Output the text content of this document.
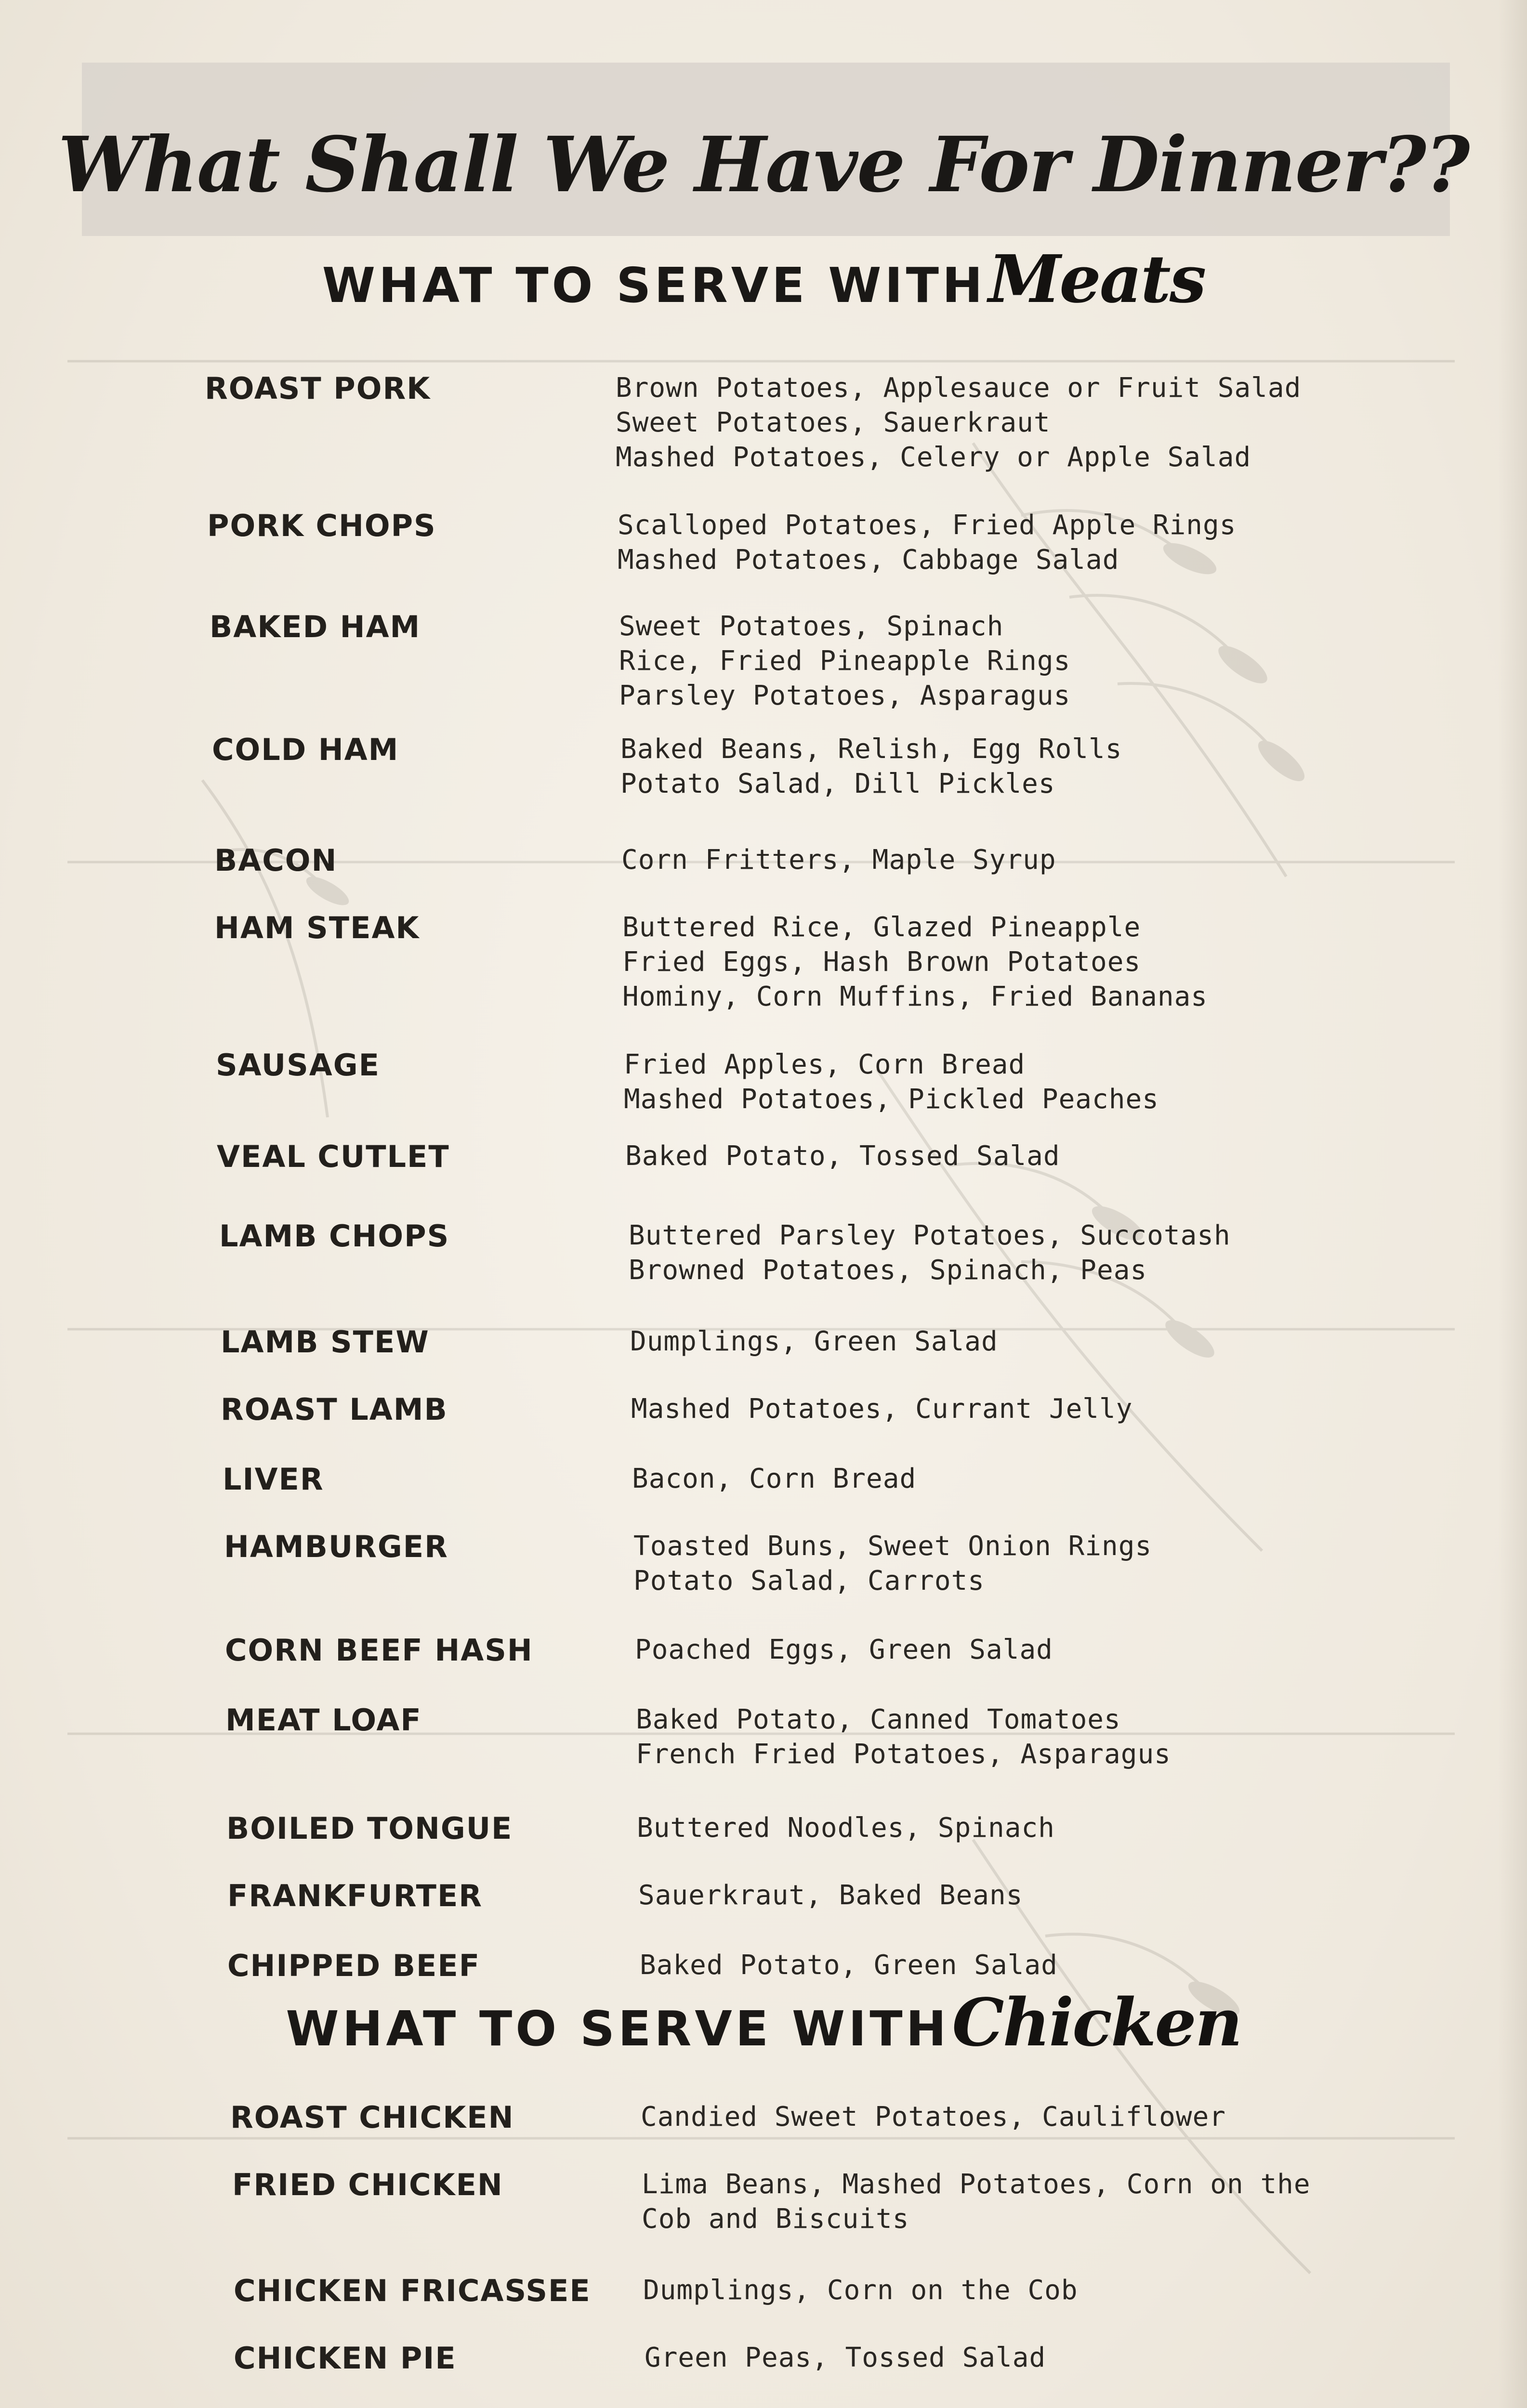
What Shall We Have For Dinner??
WHAT TO SERVE WITH Meats
WHAT TO SERVE WITH Chicken
ROAST PORK	Brown Potatoes, Applesauce or Fruit Salad
Sweet Potatoes, Sauerkraut
Mashed Potatoes, Celery or Apple Salad
PORK CHOPS	Scalloped Potatoes, Fried Apple Rings
Mashed Potatoes, Cabbage Salad
BAKED HAM	Sweet Potatoes, Spinach
Rice, Fried Pineapple Rings
Parsley Potatoes, Asparagus
COLD HAM	Baked Beans, Relish, Egg Rolls
Potato Salad, Dill Pickles
BACON	Corn Fritters, Maple Syrup
HAM STEAK	Buttered Rice, Glazed Pineapple
Fried Eggs, Hash Brown Potatoes
Hominy, Corn Muffins, Fried Bananas
SAUSAGE	Fried Apples, Corn Bread
Mashed Potatoes, Pickled Peaches
VEAL CUTLET	Baked Potato, Tossed Salad
LAMB CHOPS	Buttered Parsley Potatoes, Succotash
Browned Potatoes, Spinach, Peas
LAMB STEW	Dumplings, Green Salad
ROAST LAMB	Mashed Potatoes, Currant Jelly
LIVER	Bacon, Corn Bread
HAMBURGER	Toasted Buns, Sweet Onion Rings
Potato Salad, Carrots
CORN BEEF HASH	Poached Eggs, Green Salad
MEAT LOAF	Baked Potato, Canned Tomatoes
French Fried Potatoes, Asparagus
BOILED TONGUE	Buttered Noodles, Spinach
FRANKFURTER	Sauerkraut, Baked Beans
CHIPPED BEEF	Baked Potato, Green Salad
ROAST CHICKEN	Candied Sweet Potatoes, Cauliflower
FRIED CHICKEN	Lima Beans, Mashed Potatoes, Corn on the
Cob and Biscuits
CHICKEN FRICASSEE Dumplings, Corn on the Cob
CHICKEN PIE	Green Peas, Tossed Salad
